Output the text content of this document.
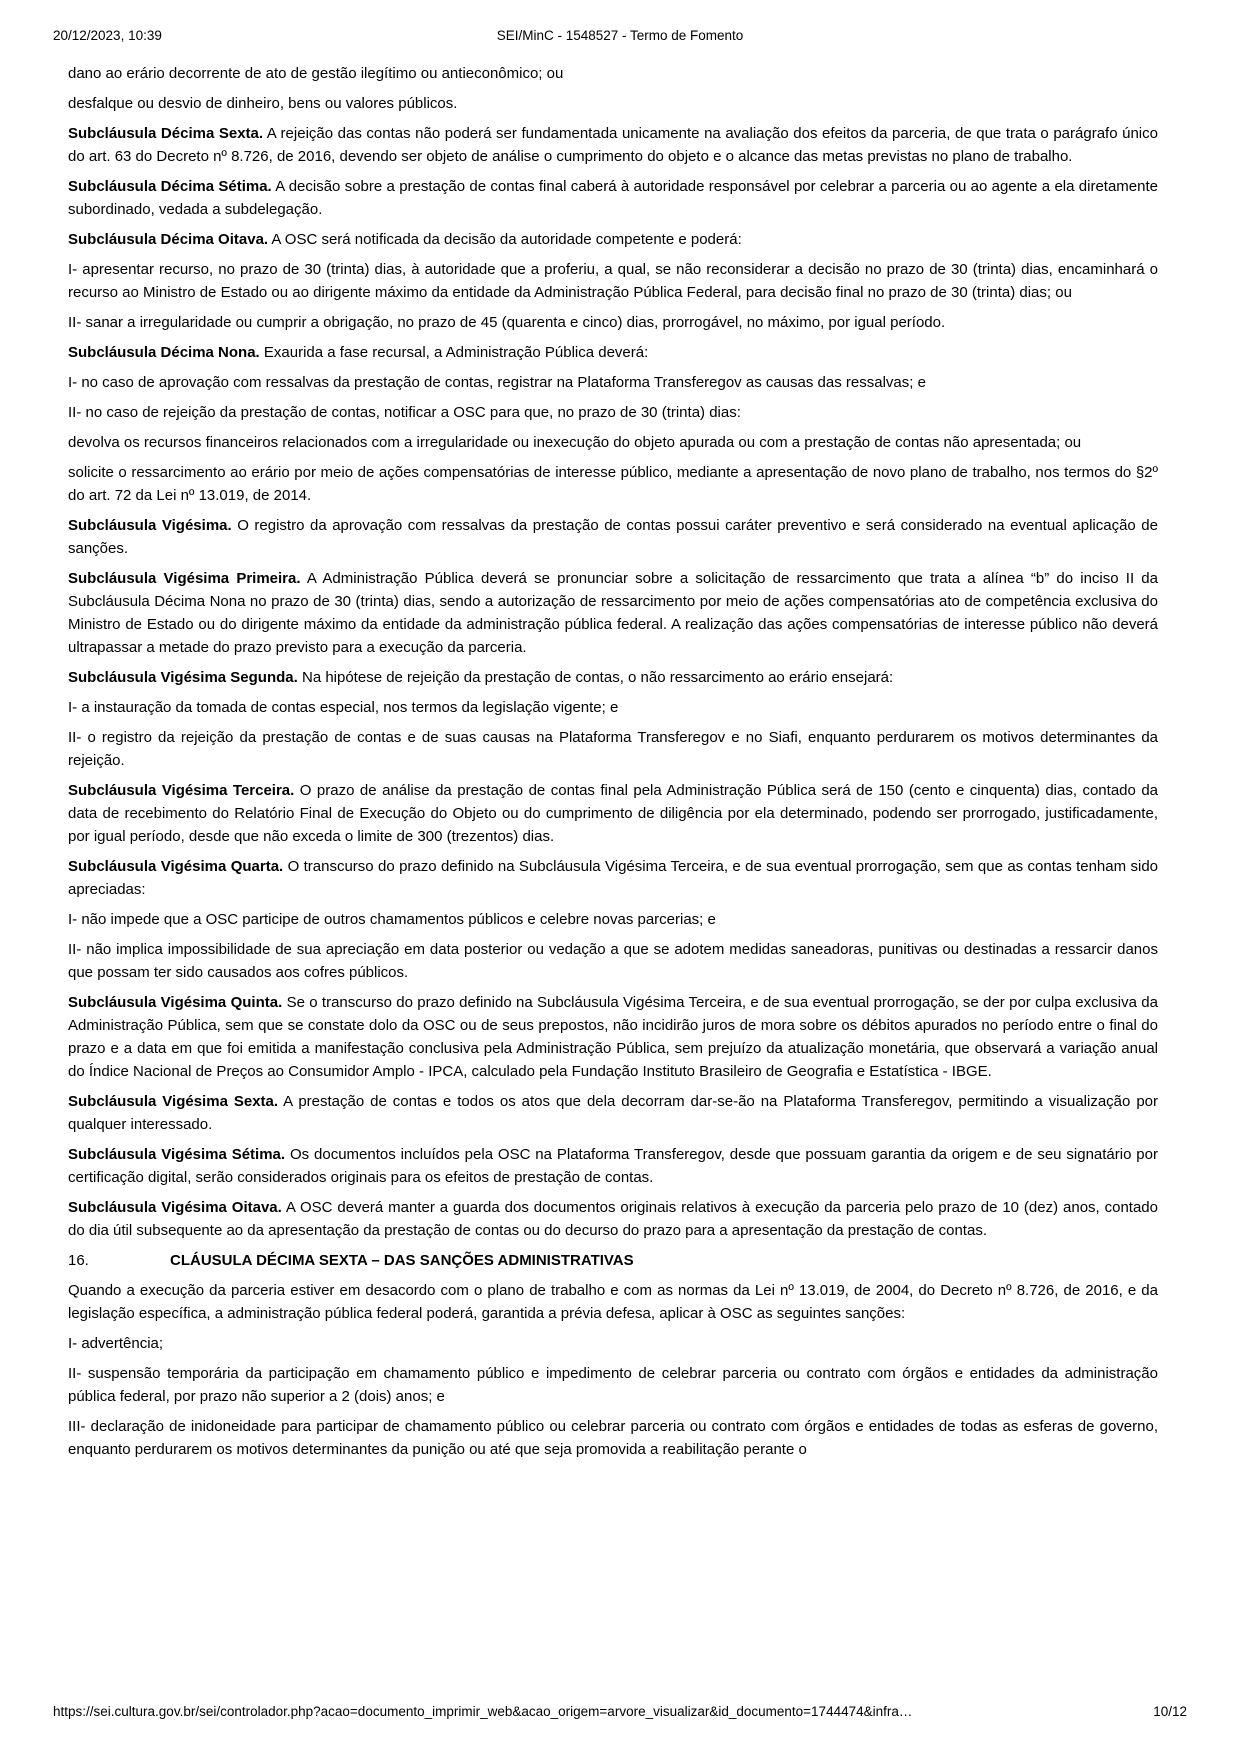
20/12/2023, 10:39	SEI/MinC - 1548527 - Termo de Fomento

dano ao erário decorrente de ato de gestão ilegítimo ou antieconômico; ou

desfalque ou desvio de dinheiro, bens ou valores públicos.

Subcláusula Décima Sexta. A rejeição das contas não poderá ser fundamentada unicamente na avaliação dos efeitos da parceria, de que trata o parágrafo único do art. 63 do Decreto nº 8.726, de 2016, devendo ser objeto de análise o cumprimento do objeto e o alcance das metas previstas no plano de trabalho.

Subcláusula Décima Sétima. A decisão sobre a prestação de contas final caberá à autoridade responsável por celebrar a parceria ou ao agente a ela diretamente subordinado, vedada a subdelegação.

Subcláusula Décima Oitava. A OSC será notificada da decisão da autoridade competente e poderá:

I- apresentar recurso, no prazo de 30 (trinta) dias, à autoridade que a proferiu, a qual, se não reconsiderar a decisão no prazo de 30 (trinta) dias, encaminhará o recurso ao Ministro de Estado ou ao dirigente máximo da entidade da Administração Pública Federal, para decisão final no prazo de 30 (trinta) dias; ou

II- sanar a irregularidade ou cumprir a obrigação, no prazo de 45 (quarenta e cinco) dias, prorrogável, no máximo, por igual período.

Subcláusula Décima Nona. Exaurida a fase recursal, a Administração Pública deverá:

I- no caso de aprovação com ressalvas da prestação de contas, registrar na Plataforma Transferegov as causas das ressalvas; e

II- no caso de rejeição da prestação de contas, notificar a OSC para que, no prazo de 30 (trinta) dias:

devolva os recursos financeiros relacionados com a irregularidade ou inexecução do objeto apurada ou com a prestação de contas não apresentada; ou

solicite o ressarcimento ao erário por meio de ações compensatórias de interesse público, mediante a apresentação de novo plano de trabalho, nos termos do §2º do art. 72 da Lei nº 13.019, de 2014.

Subcláusula Vigésima. O registro da aprovação com ressalvas da prestação de contas possui caráter preventivo e será considerado na eventual aplicação de sanções.

Subcláusula Vigésima Primeira. A Administração Pública deverá se pronunciar sobre a solicitação de ressarcimento que trata a alínea “b” do inciso II da Subcláusula Décima Nona no prazo de 30 (trinta) dias, sendo a autorização de ressarcimento por meio de ações compensatórias ato de competência exclusiva do Ministro de Estado ou do dirigente máximo da entidade da administração pública federal. A realização das ações compensatórias de interesse público não deverá ultrapassar a metade do prazo previsto para a execução da parceria.

Subcláusula Vigésima Segunda. Na hipótese de rejeição da prestação de contas, o não ressarcimento ao erário ensejará:

I- a instauração da tomada de contas especial, nos termos da legislação vigente; e

II- o registro da rejeição da prestação de contas e de suas causas na Plataforma Transferegov e no Siafi, enquanto perdurarem os motivos determinantes da rejeição.

Subcláusula Vigésima Terceira. O prazo de análise da prestação de contas final pela Administração Pública será de 150 (cento e cinquenta) dias, contado da data de recebimento do Relatório Final de Execução do Objeto ou do cumprimento de diligência por ela determinado, podendo ser prorrogado, justificadamente, por igual período, desde que não exceda o limite de 300 (trezentos) dias.

Subcláusula Vigésima Quarta. O transcurso do prazo definido na Subcláusula Vigésima Terceira, e de sua eventual prorrogação, sem que as contas tenham sido apreciadas:

I- não impede que a OSC participe de outros chamamentos públicos e celebre novas parcerias; e

II- não implica impossibilidade de sua apreciação em data posterior ou vedação a que se adotem medidas saneadoras, punitivas ou destinadas a ressarcir danos que possam ter sido causados aos cofres públicos.

Subcláusula Vigésima Quinta. Se o transcurso do prazo definido na Subcláusula Vigésima Terceira, e de sua eventual prorrogação, se der por culpa exclusiva da Administração Pública, sem que se constate dolo da OSC ou de seus prepostos, não incidirão juros de mora sobre os débitos apurados no período entre o final do prazo e a data em que foi emitida a manifestação conclusiva pela Administração Pública, sem prejuízo da atualização monetária, que observará a variação anual do Índice Nacional de Preços ao Consumidor Amplo - IPCA, calculado pela Fundação Instituto Brasileiro de Geografia e Estatística - IBGE.

Subcláusula Vigésima Sexta. A prestação de contas e todos os atos que dela decorram dar-se-ão na Plataforma Transferegov, permitindo a visualização por qualquer interessado.

Subcláusula Vigésima Sétima. Os documentos incluídos pela OSC na Plataforma Transferegov, desde que possuam garantia da origem e de seu signatário por certificação digital, serão considerados originais para os efeitos de prestação de contas.

Subcláusula Vigésima Oitava. A OSC deverá manter a guarda dos documentos originais relativos à execução da parceria pelo prazo de 10 (dez) anos, contado do dia útil subsequente ao da apresentação da prestação de contas ou do decurso do prazo para a apresentação da prestação de contas.

16.	CLÁUSULA DÉCIMA SEXTA – DAS SANÇÕES ADMINISTRATIVAS

Quando a execução da parceria estiver em desacordo com o plano de trabalho e com as normas da Lei nº 13.019, de 2004, do Decreto nº 8.726, de 2016, e da legislação específica, a administração pública federal poderá, garantida a prévia defesa, aplicar à OSC as seguintes sanções:

I- advertência;

II- suspensão temporária da participação em chamamento público e impedimento de celebrar parceria ou contrato com órgãos e entidades da administração pública federal, por prazo não superior a 2 (dois) anos; e

III- declaração de inidoneidade para participar de chamamento público ou celebrar parceria ou contrato com órgãos e entidades de todas as esferas de governo, enquanto perdurarem os motivos determinantes da punição ou até que seja promovida a reabilitação perante o

https://sei.cultura.gov.br/sei/controlador.php?acao=documento_imprimir_web&acao_origem=arvore_visualizar&id_documento=1744474&infra…	10/12
